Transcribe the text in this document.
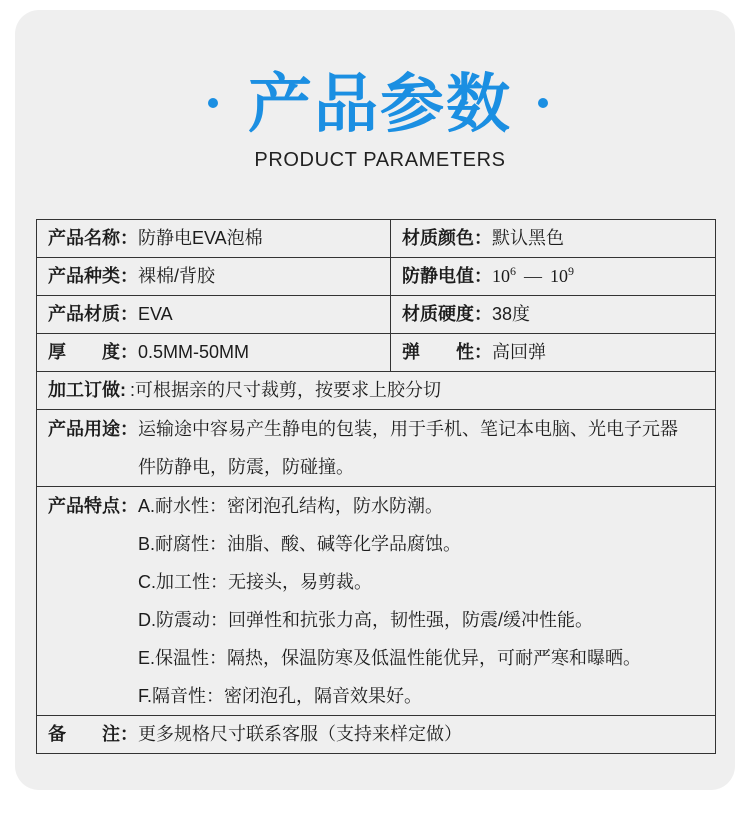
产品参数
PRODUCT PARAMETERS
产品名称 ： 防静电EVA泡棉	材质颜色 ： 默认黑色
产品种类 ： 裸棉/背胶	防静电值 ： $10^6$ — $10^9$
产品材质 ： EVA	材质硬度 ： 38度
厚度 ： 0.5MM-50MM	弹性 ： 高回弹
加工订做 : :可根据亲的尺寸裁剪，按要求上胶分切
产品用途 ： 运输途中容易产生静电的包装，用于手机、笔记本电脑、光电子元器
件防静电，防震，防碰撞。
产品特点 ： A.耐水性：密闭泡孔结构，防水防潮。
B.耐腐性：油脂、酸、碱等化学品腐蚀。
C.加工性：无接头，易剪裁。
D.防震动：回弹性和抗张力高，韧性强，防震/缓冲性能。
E.保温性：隔热，保温防寒及低温性能优异，可耐严寒和曝晒。
F.隔音性：密闭泡孔，隔音效果好。
备注 ： 更多规格尺寸联系客服（支持来样定做）
